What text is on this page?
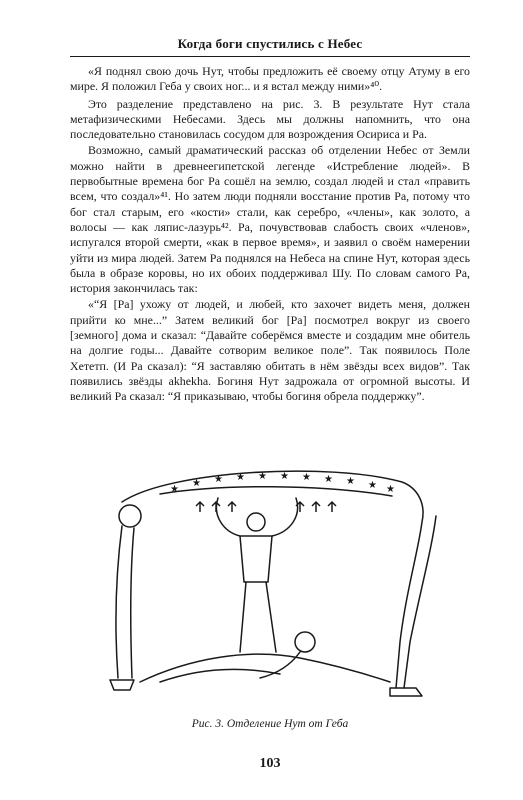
Когда боги спустились с Небес

«Я поднял свою дочь Нут, чтобы предложить её своему отцу Атуму в его мире. Я положил Геба у своих ног... и я встал между ними»⁴⁰.

Это разделение представлено на рис. 3. В результате Нут стала метафизическими Небесами. Здесь мы должны напомнить, что она последовательно становилась сосудом для возрождения Осириса и Ра.

Возможно, самый драматический рассказ об отделении Небес от Земли можно найти в древнеегипетской легенде «Истребление людей». В первобытные времена бог Ра сошёл на землю, создал людей и стал «править всем, что создал»⁴¹. Но затем люди подняли восстание против Ра, потому что бог стал старым, его «кости» стали, как серебро, «члены», как золото, а волосы — как ляпис-лазурь⁴². Ра, почувствовав слабость своих «членов», испугался второй смерти, «как в первое время», и заявил о своём намерении уйти из мира людей. Затем Ра поднялся на Небеса на спине Нут, которая здесь была в образе коровы, но их обоих поддерживал Шу. По словам самого Ра, история закончилась так:

«“Я [Ра] ухожу от людей, и любей, кто захочет видеть меня, должен прийти ко мне...” Затем великий бог [Ра] посмотрел вокруг из своего [земного] дома и сказал: “Давайте соберёмся вместе и создадим мне обитель на долгие годы... Давайте сотворим великое поле”. Так появилось Поле Хететп. (И Ра сказал): “Я заставляю обитать в нём звёзды всех видов”. Так появились звёзды akhekha. Богиня Нут задрожала от огромной высоты. И великий Ра сказал: “Я приказываю, чтобы богиня обрела поддержку”.

★
★ ★ ★ ★ ★ ★ ★ ★ ★ ★
Рис. 3. Отделение Нут от Геба
103
